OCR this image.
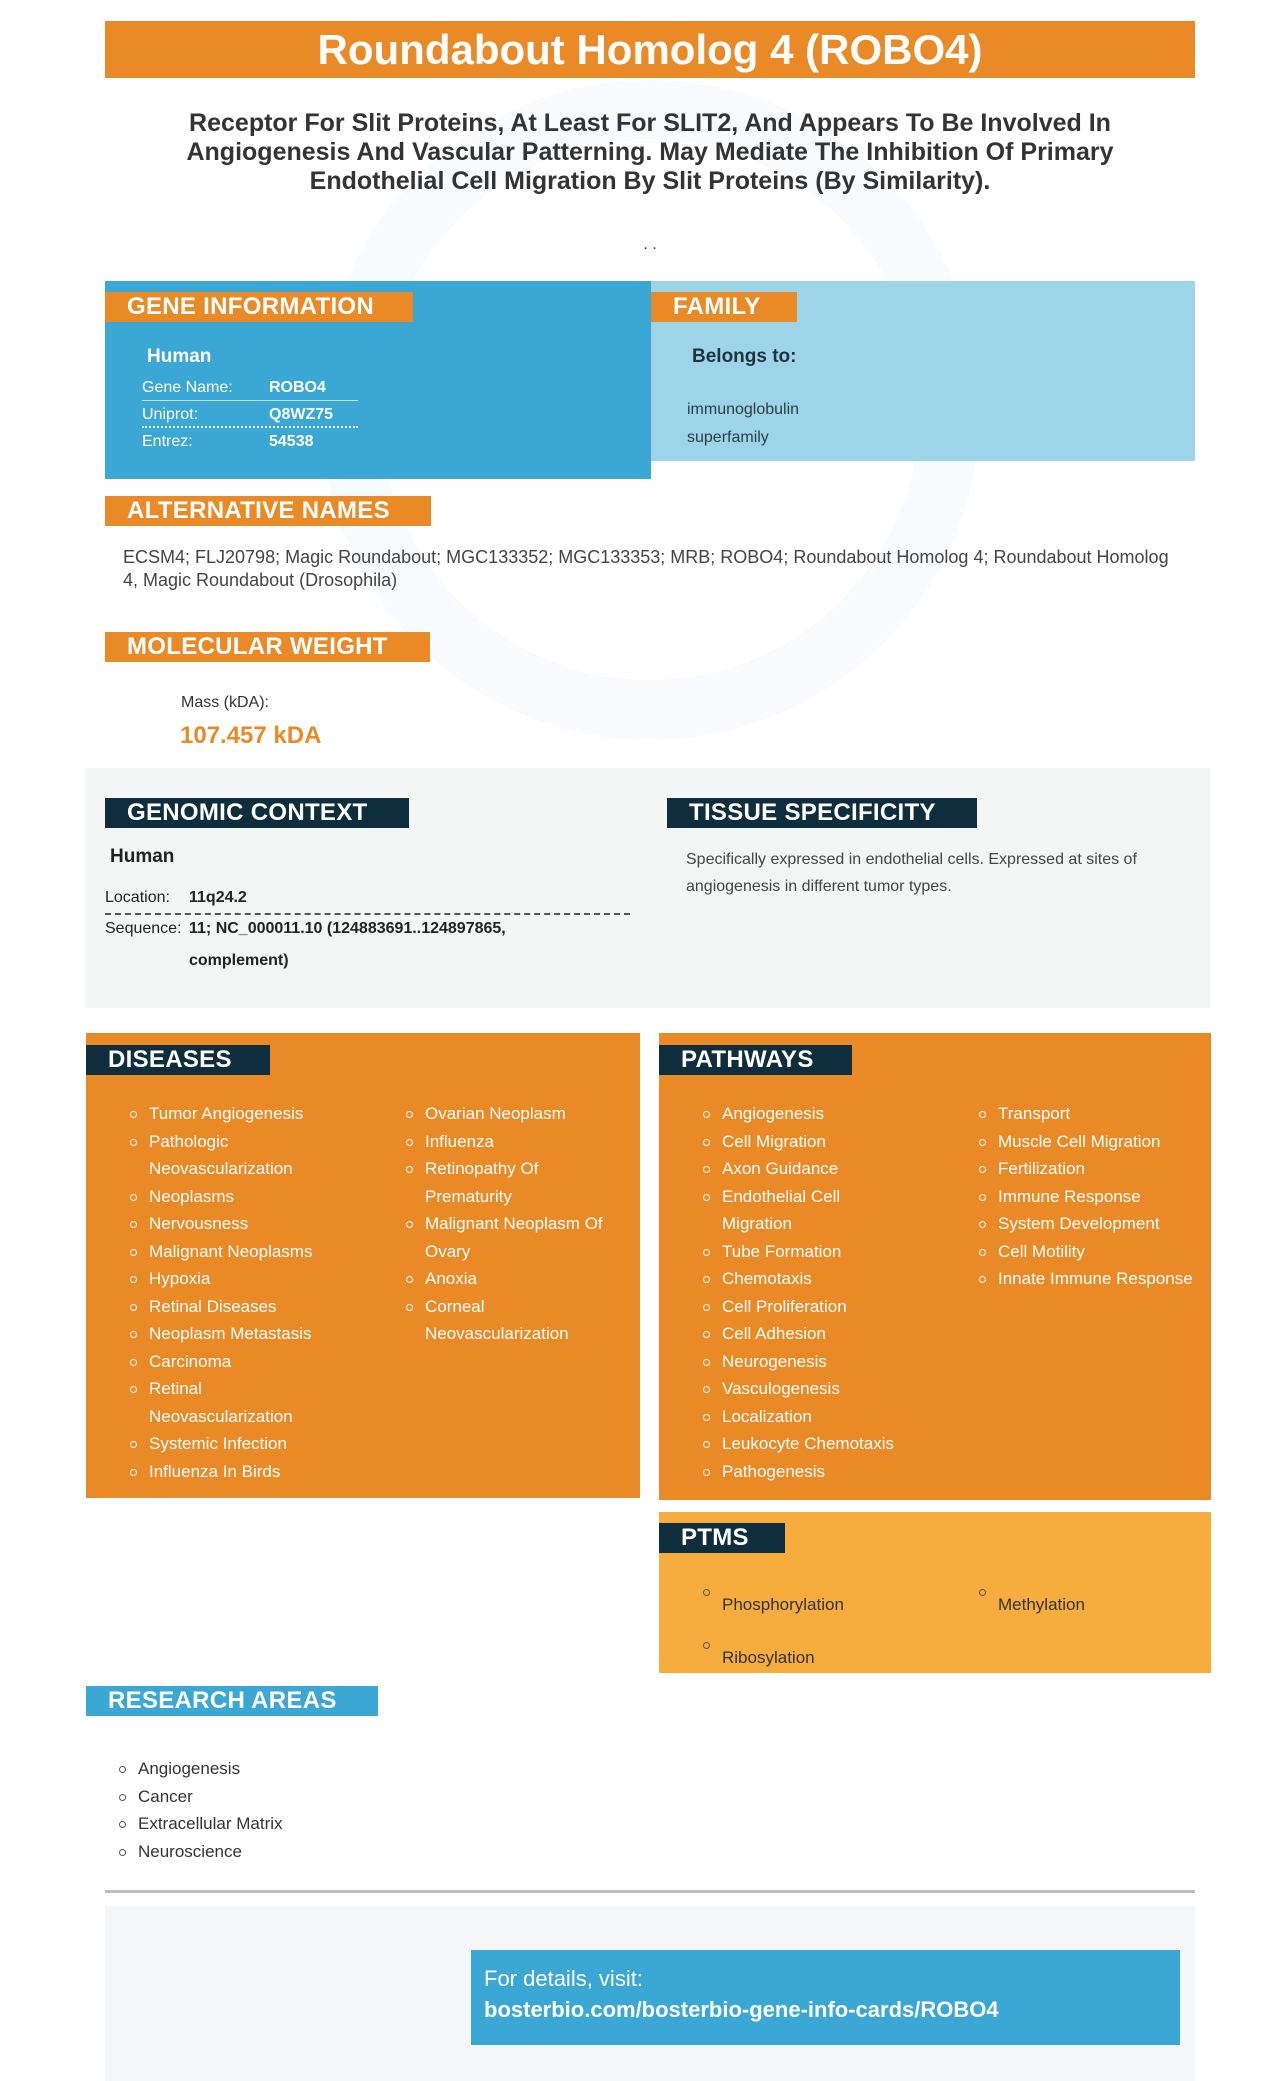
Roundabout Homolog 4 (ROBO4)
Receptor For Slit Proteins, At Least For SLIT2, And Appears To Be Involved In Angiogenesis And Vascular Patterning. May Mediate The Inhibition Of Primary Endothelial Cell Migration By Slit Proteins (By Similarity).
. .
GENE INFORMATION
Human
Gene Name: ROBO4
Uniprot:	Q8WZ75
Entrez:	54538
FAMILY
Belongs to:
immunoglobulin superfamily
ALTERNATIVE NAMES
ECSM4; FLJ20798; Magic Roundabout; MGC133352; MGC133353; MRB; ROBO4; Roundabout Homolog 4; Roundabout Homolog 4, Magic Roundabout (Drosophila)
MOLECULAR WEIGHT
Mass (kDA):
107.457 kDA
GENOMIC CONTEXT
Human
Location: 11q24.2
Sequence: 11; NC_000011.10 (124883691..124897865, complement)
TISSUE SPECIFICITY
Specifically expressed in endothelial cells. Expressed at sites of angiogenesis in different tumor types.
DISEASES
Tumor Angiogenesis
Pathologic Neovascularization
Neoplasms
Nervousness
Malignant Neoplasms
Hypoxia
Retinal Diseases
Neoplasm Metastasis
Carcinoma
Retinal Neovascularization
Systemic Infection
Influenza In Birds
Ovarian Neoplasm
Influenza
Retinopathy Of Prematurity
Malignant Neoplasm Of Ovary
Anoxia
Corneal Neovascularization
PATHWAYS
Angiogenesis
Cell Migration
Axon Guidance
Endothelial Cell Migration
Tube Formation
Chemotaxis
Cell Proliferation
Cell Adhesion
Neurogenesis
Vasculogenesis
Localization
Leukocyte Chemotaxis
Pathogenesis
Transport
Muscle Cell Migration
Fertilization
Immune Response
System Development
Cell Motility
Innate Immune Response
PTMS
Phosphorylation
Ribosylation
Methylation
RESEARCH AREAS
Angiogenesis
Cancer
Extracellular Matrix
Neuroscience
For details, visit:
bosterbio.com/bosterbio-gene-info-cards/ROBO4
